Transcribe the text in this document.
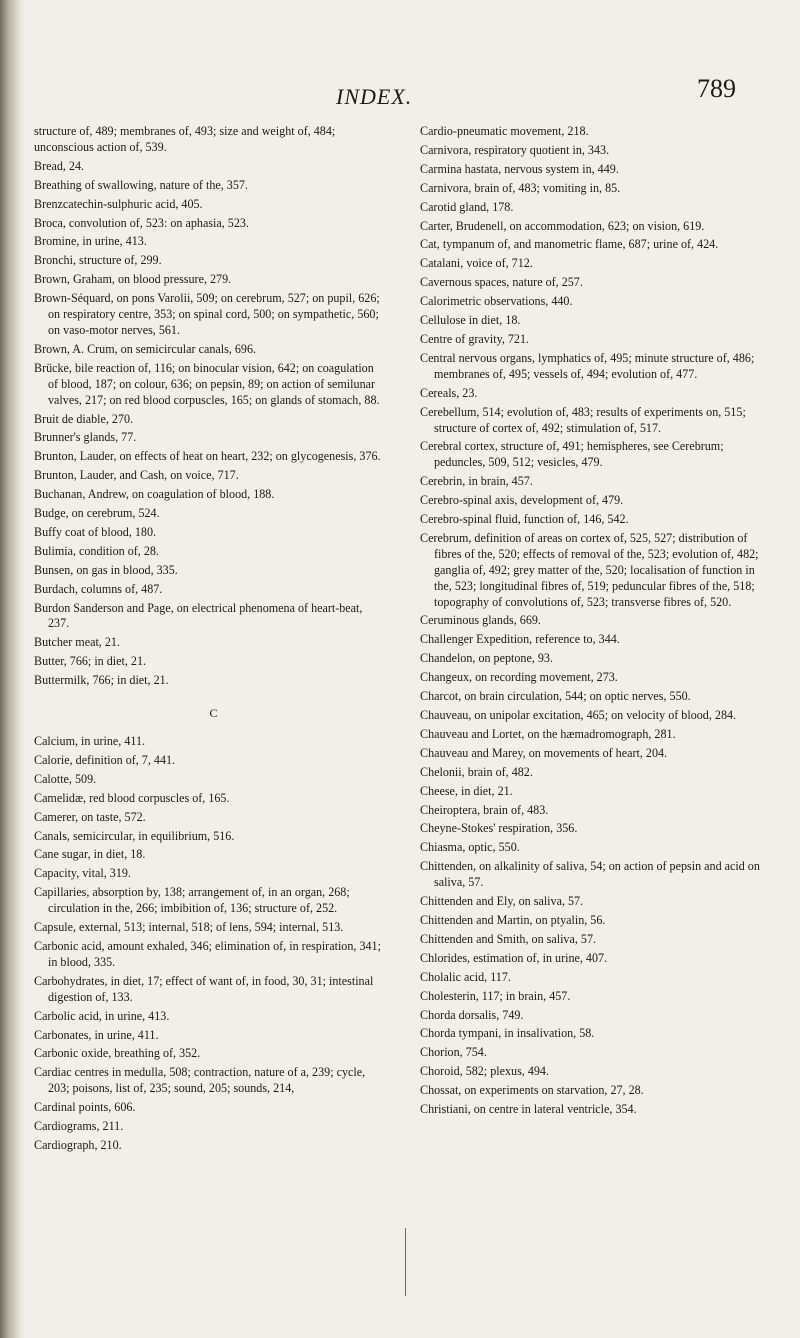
INDEX.	789

structure of, 489; membranes of, 493; size and weight of, 484; unconscious action of, 539.

Bread, 24.

Breathing of swallowing, nature of the, 357.

Brenzcatechin-sulphuric acid, 405.

Broca, convolution of, 523: on aphasia, 523.

Bromine, in urine, 413.

Bronchi, structure of, 299.

Brown, Graham, on blood pressure, 279.

Brown-Séquard, on pons Varolii, 509; on cerebrum, 527; on pupil, 626; on respiratory centre, 353; on spinal cord, 500; on sympathetic, 560; on vaso-motor nerves, 561.

Brown, A. Crum, on semicircular canals, 696.

Brücke, bile reaction of, 116; on binocular vision, 642; on coagulation of blood, 187; on colour, 636; on pepsin, 89; on action of semilunar valves, 217; on red blood corpuscles, 165; on glands of stomach, 88.

Bruit de diable, 270.

Brunner's glands, 77.

Brunton, Lauder, on effects of heat on heart, 232; on glycogenesis, 376.

Brunton, Lauder, and Cash, on voice, 717.

Buchanan, Andrew, on coagulation of blood, 188.

Budge, on cerebrum, 524.

Buffy coat of blood, 180.

Bulimia, condition of, 28.

Bunsen, on gas in blood, 335.

Burdach, columns of, 487.

Burdon Sanderson and Page, on electrical phenomena of heart-beat, 237.

Butcher meat, 21.

Butter, 766; in diet, 21.

Buttermilk, 766; in diet, 21.

C

Calcium, in urine, 411.

Calorie, definition of, 7, 441.

Calotte, 509.

Camelidæ, red blood corpuscles of, 165.

Camerer, on taste, 572.

Canals, semicircular, in equilibrium, 516.

Cane sugar, in diet, 18.

Capacity, vital, 319.

Capillaries, absorption by, 138; arrangement of, in an organ, 268; circulation in the, 266; imbibition of, 136; structure of, 252.

Capsule, external, 513; internal, 518; of lens, 594; internal, 513.

Carbonic acid, amount exhaled, 346; elimination of, in respiration, 341; in blood, 335.

Carbohydrates, in diet, 17; effect of want of, in food, 30, 31; intestinal digestion of, 133.

Carbolic acid, in urine, 413.

Carbonates, in urine, 411.

Carbonic oxide, breathing of, 352.

Cardiac centres in medulla, 508; contraction, nature of a, 239; cycle, 203; poisons, list of, 235; sound, 205; sounds, 214,

Cardinal points, 606.

Cardiograms, 211.

Cardiograph, 210.

Cardio-pneumatic movement, 218.

Carnivora, respiratory quotient in, 343.

Carmina hastata, nervous system in, 449.

Carnivora, brain of, 483; vomiting in, 85.

Carotid gland, 178.

Carter, Brudenell, on accommodation, 623; on vision, 619.

Cat, tympanum of, and manometric flame, 687; urine of, 424.

Catalani, voice of, 712.

Cavernous spaces, nature of, 257.

Calorimetric observations, 440.

Cellulose in diet, 18.

Centre of gravity, 721.

Central nervous organs, lymphatics of, 495; minute structure of, 486; membranes of, 495; vessels of, 494; evolution of, 477.

Cereals, 23.

Cerebellum, 514; evolution of, 483; results of experiments on, 515; structure of cortex of, 492; stimulation of, 517.

Cerebral cortex, structure of, 491; hemispheres, see Cerebrum; peduncles, 509, 512; vesicles, 479.

Cerebrin, in brain, 457.

Cerebro-spinal axis, development of, 479.

Cerebro-spinal fluid, function of, 146, 542.

Cerebrum, definition of areas on cortex of, 525, 527; distribution of fibres of the, 520; effects of removal of the, 523; evolution of, 482; ganglia of, 492; grey matter of the, 520; localisation of function in the, 523; longitudinal fibres of, 519; peduncular fibres of the, 518; topography of convolutions of, 523; transverse fibres of, 520.

Ceruminous glands, 669.

Challenger Expedition, reference to, 344.

Chandelon, on peptone, 93.

Changeux, on recording movement, 273.

Charcot, on brain circulation, 544; on optic nerves, 550.

Chauveau, on unipolar excitation, 465; on velocity of blood, 284.

Chauveau and Lortet, on the hæmadromograph, 281.

Chauveau and Marey, on movements of heart, 204.

Chelonii, brain of, 482.

Cheese, in diet, 21.

Cheiroptera, brain of, 483.

Cheyne-Stokes' respiration, 356.

Chiasma, optic, 550.

Chittenden, on alkalinity of saliva, 54; on action of pepsin and acid on saliva, 57.

Chittenden and Ely, on saliva, 57.

Chittenden and Martin, on ptyalin, 56.

Chittenden and Smith, on saliva, 57.

Chlorides, estimation of, in urine, 407.

Cholalic acid, 117.

Cholesterin, 117; in brain, 457.

Chorda dorsalis, 749.

Chorda tympani, in insalivation, 58.

Chorion, 754.

Choroid, 582; plexus, 494.

Chossat, on experiments on starvation, 27, 28.

Christiani, on centre in lateral ventricle, 354.
